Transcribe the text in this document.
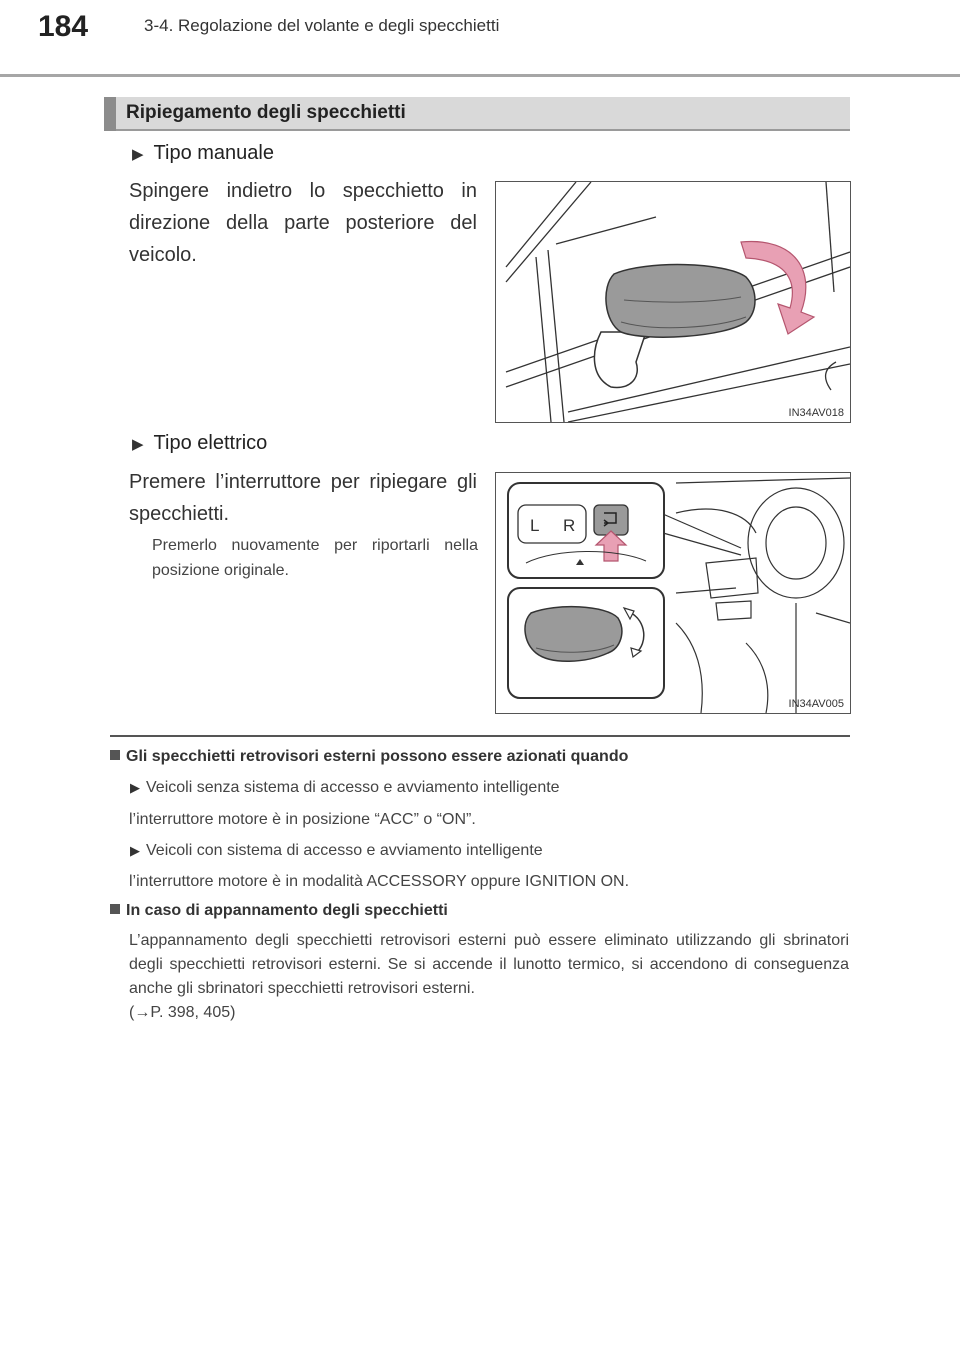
184	3-4. Regolazione del volante e degli specchietti
Ripiegamento degli specchietti
▶ Tipo manuale
Spingere indietro lo specchietto in direzione della parte posteriore del veicolo.
IN34AV018
▶ Tipo elettrico
Premere l’interruttore per ripiegare gli specchietti.
Premerlo nuovamente per riportarli nella posizione originale.
L R
IN34AV005
Gli specchietti retrovisori esterni possono essere azionati quando
▶ Veicoli senza sistema di accesso e avviamento intelligente
l’interruttore motore è in posizione “ACC” o “ON”.
▶ Veicoli con sistema di accesso e avviamento intelligente
l’interruttore motore è in modalità ACCESSORY oppure IGNITION ON.
In caso di appannamento degli specchietti
L’appannamento degli specchietti retrovisori esterni può essere eliminato utilizzando gli sbrinatori degli specchietti retrovisori esterni. Se si accende il lunotto termico, si accendono di conseguenza anche gli sbrinatori specchietti retrovisori esterni.
(→P. 398, 405)
